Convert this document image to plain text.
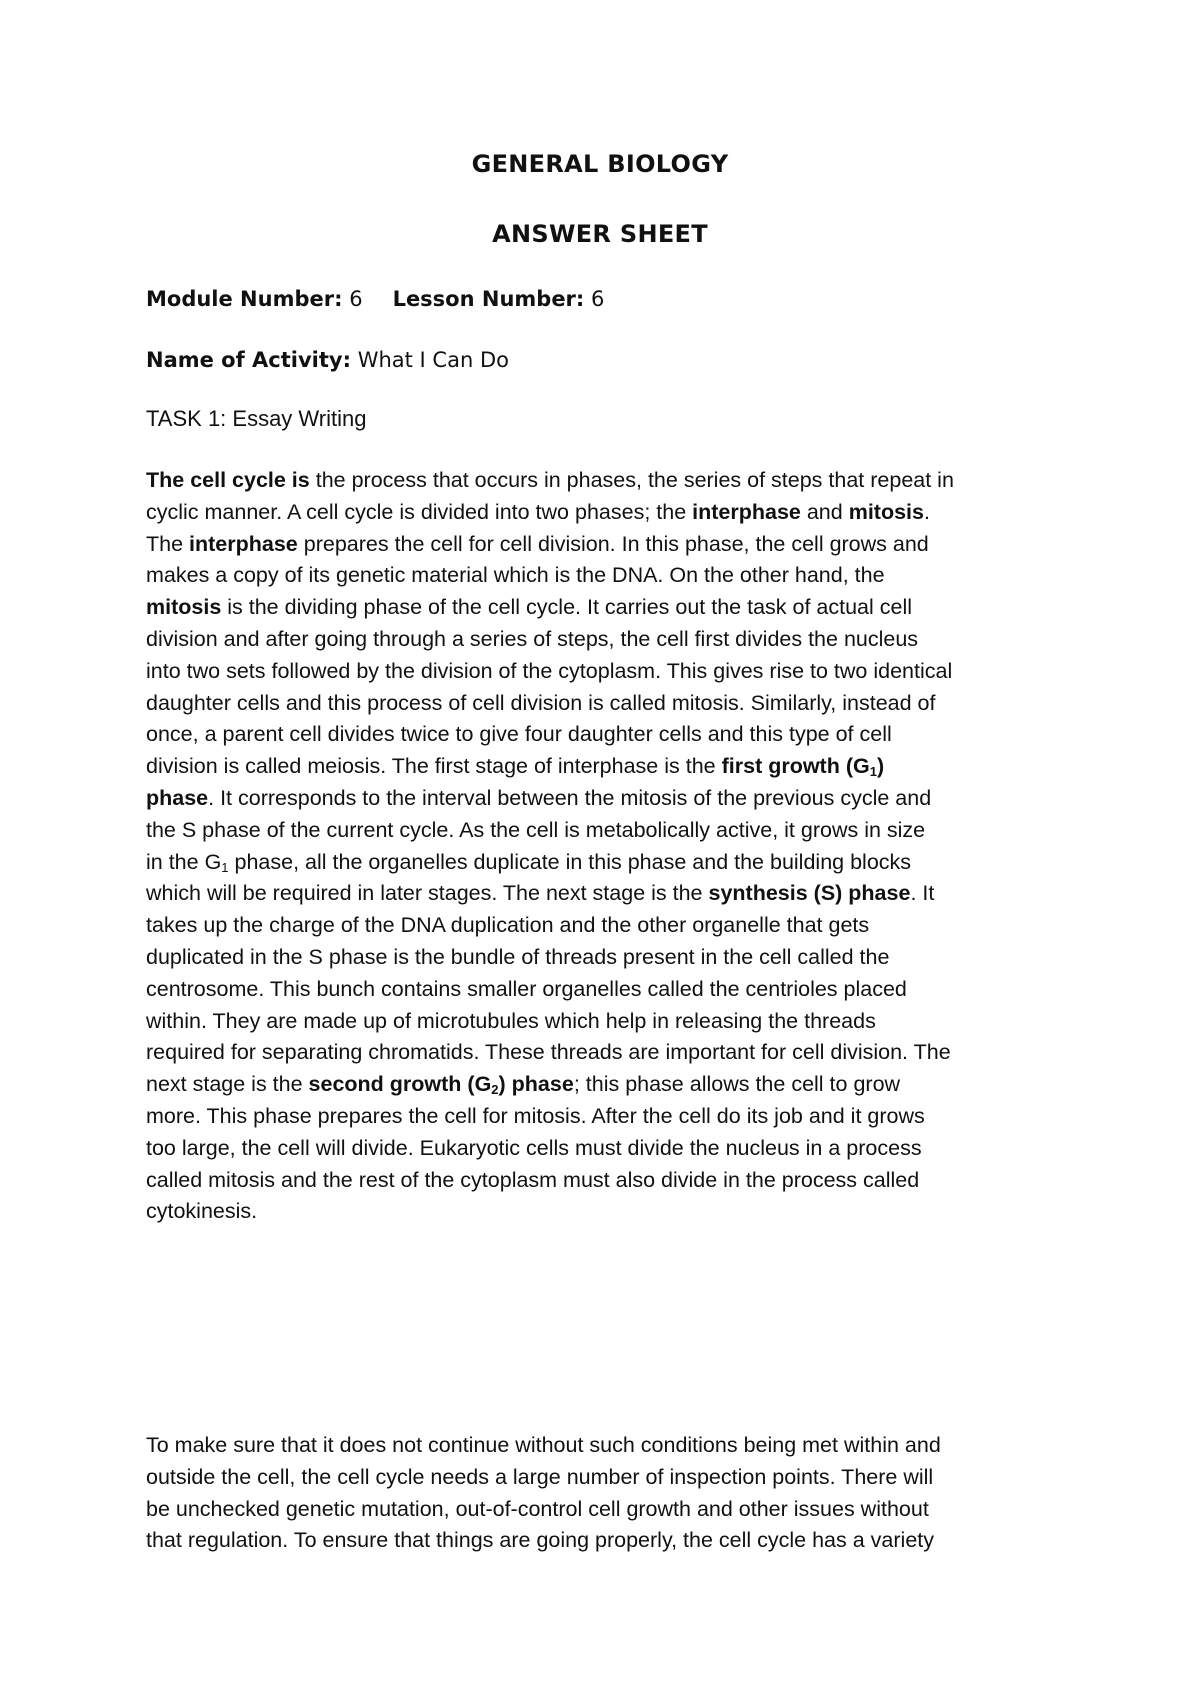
GENERAL BIOLOGY
ANSWER SHEET

Module Number: 6 Lesson Number: 6

Name of Activity: What I Can Do

TASK 1: Essay Writing

The cell cycle is the process that occurs in phases, the series of steps that repeat in
cyclic manner. A cell cycle is divided into two phases; the interphase and mitosis.
The interphase prepares the cell for cell division. In this phase, the cell grows and
makes a copy of its genetic material which is the DNA. On the other hand, the
mitosis is the dividing phase of the cell cycle. It carries out the task of actual cell
division and after going through a series of steps, the cell first divides the nucleus
into two sets followed by the division of the cytoplasm. This gives rise to two identical
daughter cells and this process of cell division is called mitosis. Similarly, instead of
once, a parent cell divides twice to give four daughter cells and this type of cell
division is called meiosis. The first stage of interphase is the first growth $(G_1)$
phase. It corresponds to the interval between the mitosis of the previous cycle and
the S phase of the current cycle. As the cell is metabolically active, it grows in size
in the $G_1$ phase, all the organelles duplicate in this phase and the building blocks
which will be required in later stages. The next stage is the synthesis (S) phase. It
takes up the charge of the DNA duplication and the other organelle that gets
duplicated in the S phase is the bundle of threads present in the cell called the
centrosome. This bunch contains smaller organelles called the centrioles placed
within. They are made up of microtubules which help in releasing the threads
required for separating chromatids. These threads are important for cell division. The
next stage is the second growth $(G_2)$ phase; this phase allows the cell to grow
more. This phase prepares the cell for mitosis. After the cell do its job and it grows
too large, the cell will divide. Eukaryotic cells must divide the nucleus in a process
called mitosis and the rest of the cytoplasm must also divide in the process called
cytokinesis.

To make sure that it does not continue without such conditions being met within and
outside the cell, the cell cycle needs a large number of inspection points. There will
be unchecked genetic mutation, out-of-control cell growth and other issues without
that regulation. To ensure that things are going properly, the cell cycle has a variety
